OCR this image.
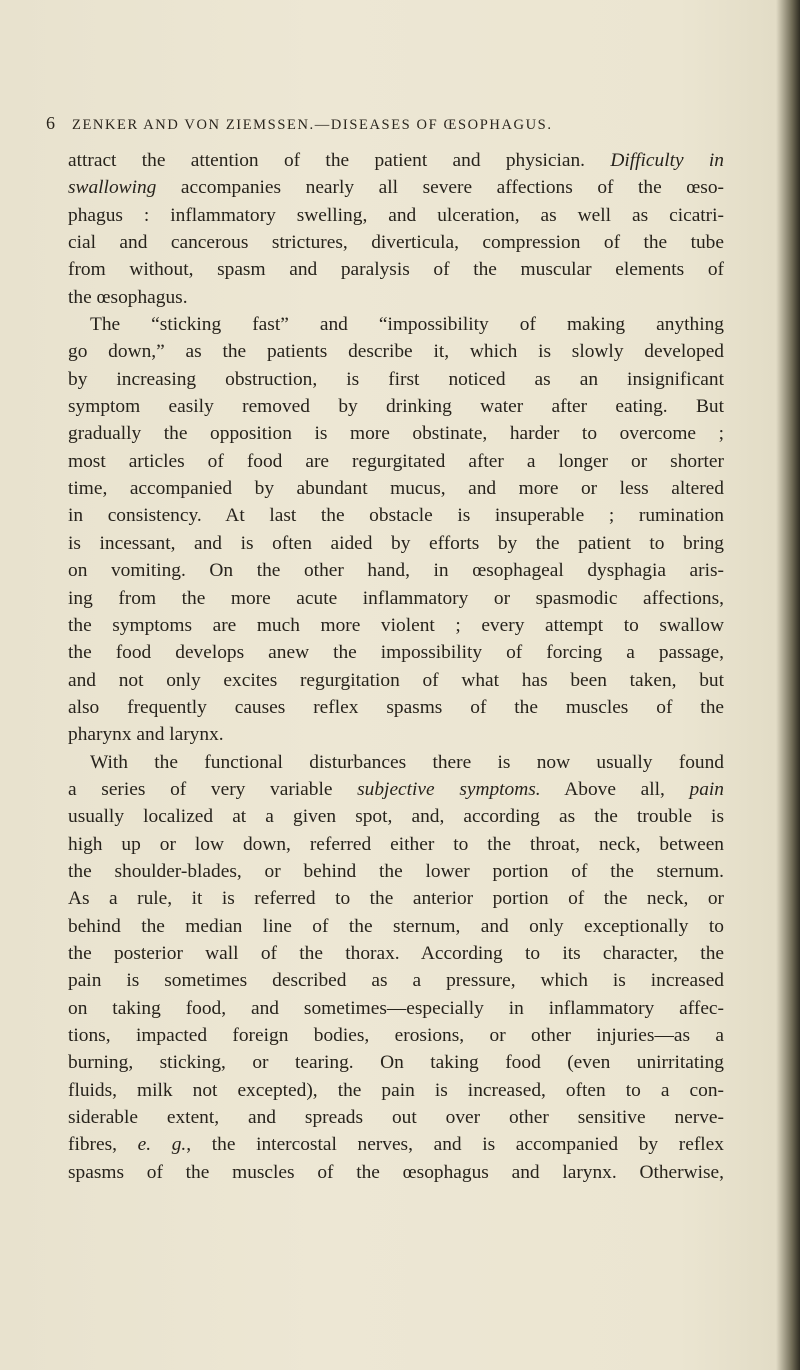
6 ZENKER AND VON ZIEMSSEN.—DISEASES OF ŒSOPHAGUS.
attract the attention of the patient and physician. Difficulty in
swallowing accompanies nearly all severe affections of the œso-
phagus : inflammatory swelling, and ulceration, as well as cicatri-
cial and cancerous strictures, diverticula, compression of the tube
from without, spasm and paralysis of the muscular elements of
the œsophagus.
The “sticking fast” and “impossibility of making anything
go down,” as the patients describe it, which is slowly developed
by increasing obstruction, is first noticed as an insignificant
symptom easily removed by drinking water after eating. But
gradually the opposition is more obstinate, harder to overcome ;
most articles of food are regurgitated after a longer or shorter
time, accompanied by abundant mucus, and more or less altered
in consistency. At last the obstacle is insuperable ; rumination
is incessant, and is often aided by efforts by the patient to bring
on vomiting. On the other hand, in œsophageal dysphagia aris-
ing from the more acute inflammatory or spasmodic affections,
the symptoms are much more violent ; every attempt to swallow
the food develops anew the impossibility of forcing a passage,
and not only excites regurgitation of what has been taken, but
also frequently causes reflex spasms of the muscles of the
pharynx and larynx.
With the functional disturbances there is now usually found
a series of very variable subjective symptoms. Above all, pain
usually localized at a given spot, and, according as the trouble is
high up or low down, referred either to the throat, neck, between
the shoulder-blades, or behind the lower portion of the sternum.
As a rule, it is referred to the anterior portion of the neck, or
behind the median line of the sternum, and only exceptionally to
the posterior wall of the thorax. According to its character, the
pain is sometimes described as a pressure, which is increased
on taking food, and sometimes—especially in inflammatory affec-
tions, impacted foreign bodies, erosions, or other injuries—as a
burning, sticking, or tearing. On taking food (even unirritating
fluids, milk not excepted), the pain is increased, often to a con-
siderable extent, and spreads out over other sensitive nerve-
fibres, e. g., the intercostal nerves, and is accompanied by reflex
spasms of the muscles of the œsophagus and larynx. Otherwise,
